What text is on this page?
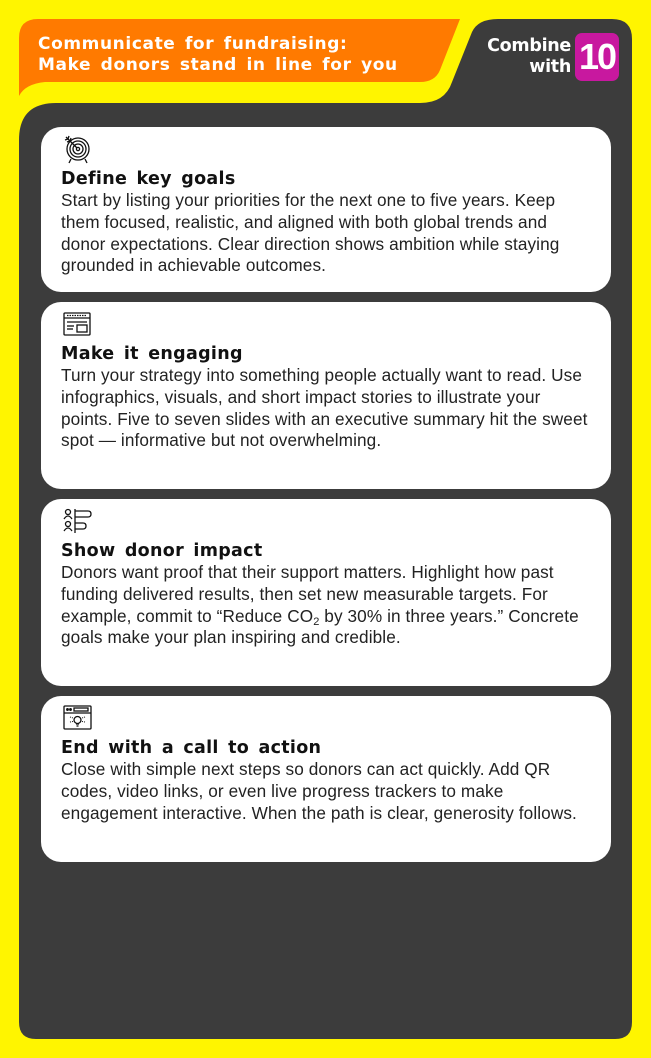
Communicate for fundraising:
Make donors stand in line for you
Combine
with 10
Define key goals

Start by listing your priorities for the next one to five years. Keep them focused, realistic, and aligned with both global trends and donor expectations. Clear direction shows ambition while staying grounded in achievable outcomes.

Make it engaging

Turn your strategy into something people actually want to read. Use infographics, visuals, and short impact stories to illustrate your points. Five to seven slides with an executive summary hit the sweet spot — informative but not overwhelming.

Show donor impact

Donors want proof that their support matters. Highlight how past funding delivered results, then set new measurable targets. For example, commit to “Reduce $CO_2$ by 30% in three years.” Concrete goals make your plan inspiring and credible.

End with a call to action

Close with simple next steps so donors can act quickly. Add QR codes, video links, or even live progress trackers to make engagement interactive. When the path is clear, generosity follows.
